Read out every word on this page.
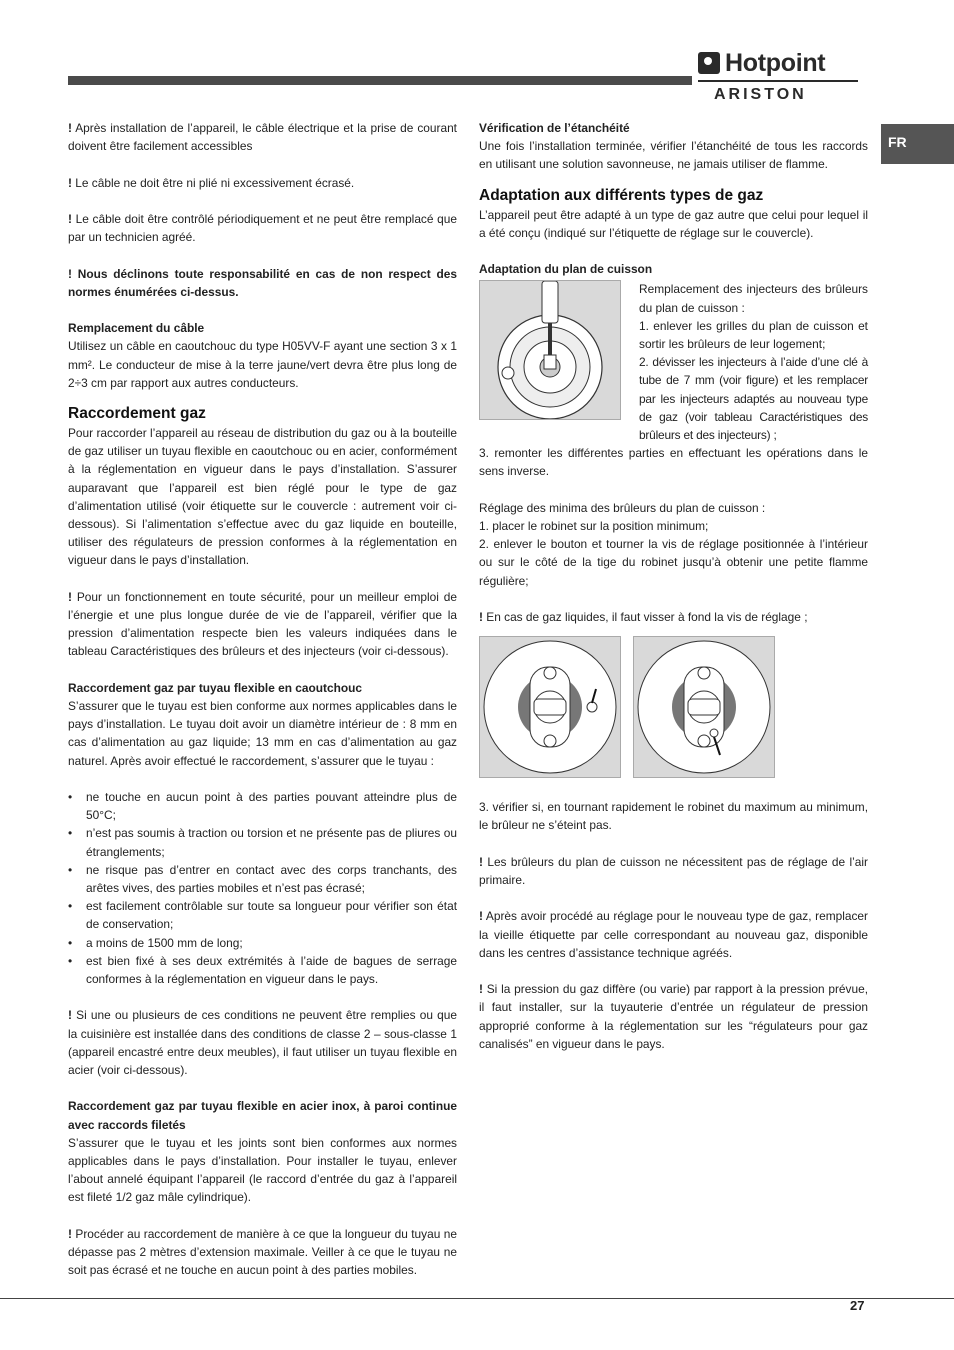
Hotpoint
ARISTON
FR

! Après installation de l’appareil, le câble électrique et la prise de courant doivent être facilement accessibles

! Le câble ne doit être ni plié ni excessivement écrasé.

! Le câble doit être contrôlé périodiquement et ne peut être remplacé que par un technicien agréé.

! Nous déclinons toute responsabilité en cas de non respect des normes énumérées ci-dessus.

Remplacement du câble

Utilisez un câble en caoutchouc du type H05VV-F ayant une section 3 x 1 mm². Le conducteur de mise à la terre jaune/vert devra être plus long de 2÷3 cm par rapport aux autres conducteurs.

Raccordement gaz

Pour raccorder l’appareil au réseau de distribution du gaz ou à la bouteille de gaz utiliser un tuyau flexible en caoutchouc ou en acier, conformément à la réglementation en vigueur dans le pays d’installation. S’assurer auparavant que l’appareil est bien réglé pour le type de gaz d’alimentation utilisé (voir étiquette sur le couvercle : autrement voir ci-dessous). Si l’alimentation s’effectue avec du gaz liquide en bouteille, utiliser des régulateurs de pression conformes à la réglementation en vigueur dans le pays d’installation.

! Pour un fonctionnement en toute sécurité, pour un meilleur emploi de l’énergie et une plus longue durée de vie de l’appareil, vérifier que la pression d’alimentation respecte bien les valeurs indiquées dans le tableau Caractéristiques des brûleurs et des injecteurs (voir ci-dessous).

Raccordement gaz par tuyau flexible en caoutchouc

S’assurer que le tuyau est bien conforme aux normes applicables dans le pays d’installation. Le tuyau doit avoir un diamètre intérieur de : 8 mm en cas d’alimentation au gaz liquide; 13 mm en cas d’alimentation au gaz naturel. Après avoir effectué le raccordement, s’assurer que le tuyau :

• ne touche en aucun point à des parties pouvant atteindre plus de 50°C;
• n’est pas soumis à traction ou torsion et ne présente pas de pliures ou étranglements;
• ne risque pas d’entrer en contact avec des corps tranchants, des arêtes vives, des parties mobiles et n’est pas écrasé;
• est facilement contrôlable sur toute sa longueur pour vérifier son état de conservation;
• a moins de 1500 mm de long;
• est bien fixé à ses deux extrémités à l’aide de bagues de serrage conformes à la réglementation en vigueur dans le pays.

! Si une ou plusieurs de ces conditions ne peuvent être remplies ou que la cuisinière est installée dans des conditions de classe 2 – sous-classe 1 (appareil encastré entre deux meubles), il faut utiliser un tuyau flexible en acier (voir ci-dessous).

Raccordement gaz par tuyau flexible en acier inox, à paroi continue avec raccords filetés

S’assurer que le tuyau et les joints sont bien conformes aux normes applicables dans le pays d’installation. Pour installer le tuyau, enlever l’about annelé équipant l’appareil (le raccord d’entrée du gaz à l’appareil est fileté 1/2 gaz mâle cylindrique).

! Procéder au raccordement de manière à ce que la longueur du tuyau ne dépasse pas 2 mètres d’extension maximale. Veiller à ce que le tuyau ne soit pas écrasé et ne touche en aucun point à des parties mobiles.

Vérification de l’étanchéité

Une fois l’installation terminée, vérifier l’étanchéité de tous les raccords en utilisant une solution savonneuse, ne jamais utiliser de flamme.

Adaptation aux différents types de gaz

L’appareil peut être adapté à un type de gaz autre que celui pour lequel il a été conçu (indiqué sur l’étiquette de réglage sur le couvercle).

Adaptation du plan de cuisson

Remplacement des injecteurs des brûleurs du plan de cuisson :

1. enlever les grilles du plan de cuisson et sortir les brûleurs de leur logement;

2. dévisser les injecteurs à l’aide d’une clé à tube de 7 mm (voir figure) et les remplacer par les injecteurs adaptés au nouveau type de gaz (voir tableau Caractéristiques des brûleurs et des injecteurs) ;

3. remonter les différentes parties en effectuant les opérations dans le sens inverse.

Réglage des minima des brûleurs du plan de cuisson :

1. placer le robinet sur la position minimum;

2. enlever le bouton et tourner la vis de réglage positionnée à l’intérieur ou sur le côté de la tige du robinet jusqu’à obtenir une petite flamme régulière;

! En cas de gaz liquides, il faut visser à fond la vis de réglage ;

3. vérifier si, en tournant rapidement le robinet du maximum au minimum, le brûleur ne s’éteint pas.

! Les brûleurs du plan de cuisson ne nécessitent pas de réglage de l’air primaire.

! Après avoir procédé au réglage pour le nouveau type de gaz, remplacer la vieille étiquette par celle correspondant au nouveau gaz, disponible dans les centres d’assistance technique agréés.

! Si la pression du gaz diffère (ou varie) par rapport à la pression prévue, il faut installer, sur la tuyauterie d’entrée un régulateur de pression approprié conforme à la réglementation sur les “régulateurs pour gaz canalisés” en vigueur dans le pays.

27
